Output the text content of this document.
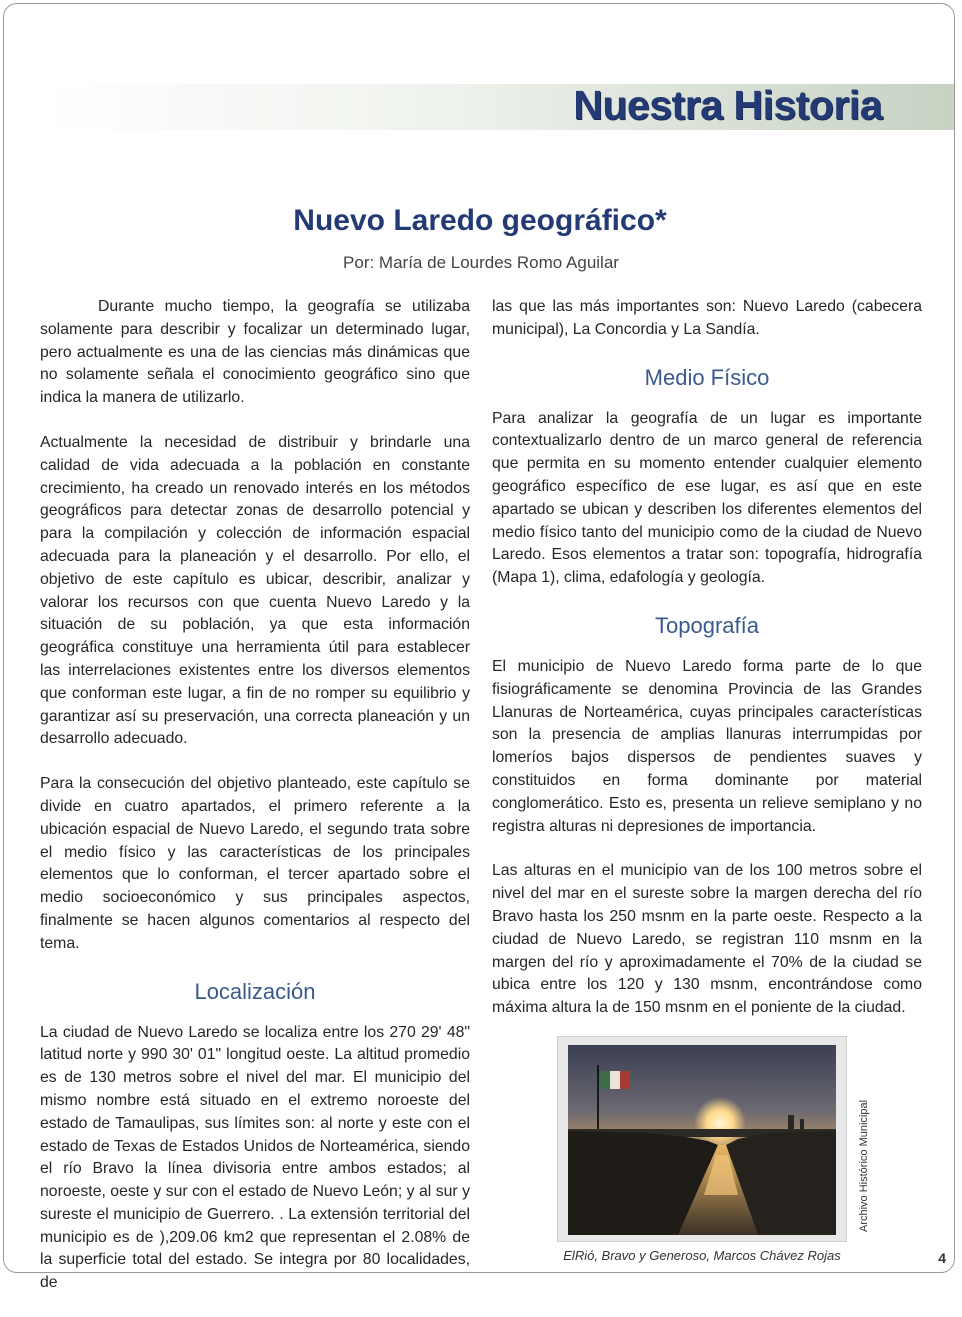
Nuestra Historia
Nuevo Laredo geográfico*
Por: María de Lourdes Romo Aguilar

Durante mucho tiempo, la geografía se utilizaba solamente para describir y focalizar un determinado lugar, pero actualmente es una de las ciencias más dinámicas que no solamente señala el conocimiento geográfico sino que indica la manera de utilizarlo.

Actualmente la necesidad de distribuir y brindarle una calidad de vida adecuada a la población en constante crecimiento, ha creado un renovado interés en los métodos geográficos para detectar zonas de desarrollo potencial y para la compilación y colección de información espacial adecuada para la planeación y el desarrollo. Por ello, el objetivo de este capítulo es ubicar, describir, analizar y valorar los recursos con que cuenta Nuevo Laredo y la situación de su población, ya que esta información geográfica constituye una herramienta útil para establecer las interrelaciones existentes entre los diversos elementos que conforman este lugar, a fin de no romper su equilibrio y garantizar así su preservación, una correcta planeación y un desarrollo adecuado.

Para la consecución del objetivo planteado, este capítulo se divide en cuatro apartados, el primero referente a la ubicación espacial de Nuevo Laredo, el segundo trata sobre el medio físico y las características de los principales elementos que lo conforman, el tercer apartado sobre el medio socioeconómico y sus principales aspectos, finalmente se hacen algunos comentarios al respecto del tema.

Localización

La ciudad de Nuevo Laredo se localiza entre los 270 29' 48" latitud norte y 990 30' 01" longitud oeste. La altitud promedio es de 130 metros sobre el nivel del mar. El municipio del mismo nombre está situado en el extremo noroeste del estado de Tamaulipas, sus límites son: al norte y este con el estado de Texas de Estados Unidos de Norteamérica, siendo el río Bravo la línea divisoria entre ambos estados; al noroeste, oeste y sur con el estado de Nuevo León; y al sur y sureste el municipio de Guerrero. . La extensión territorial del municipio es de ),209.06 km2 que representan el 2.08% de la superficie total del estado. Se integra por 80 localidades, de

las que las más importantes son: Nuevo Laredo (cabecera municipal), La Concordia y La Sandía.

Medio Físico

Para analizar la geografía de un lugar es importante contextualizarlo dentro de un marco general de referencia que permita en su momento entender cualquier elemento geográfico específico de ese lugar, es así que en este apartado se ubican y describen los diferentes elementos del medio físico tanto del municipio como de la ciudad de Nuevo Laredo. Esos elementos a tratar son: topografía, hidrografía (Mapa 1), clima, edafología y geología.

Topografía

El municipio de Nuevo Laredo forma parte de lo que fisiográficamente se denomina Provincia de las Grandes Llanuras de Norteamérica, cuyas principales características son la presencia de amplias llanuras interrumpidas por lomeríos bajos dispersos de pendientes suaves y constituidos en forma dominante por material conglomerático. Esto es, presenta un relieve semiplano y no registra alturas ni depresiones de importancia.

Las alturas en el municipio van de los 100 metros sobre el nivel del mar en el sureste sobre la margen derecha del río Bravo hasta los 250 msnm en la parte oeste. Respecto a la ciudad de Nuevo Laredo, se registran 110 msnm en la margen del río y aproximadamente el 70% de la ciudad se ubica entre los 120 y 130 msnm, encontrándose como máxima altura la de 150 msnm en el poniente de la ciudad.

ElRió, Bravo y Generoso, Marcos Chávez Rojas
Archivo Histórico Municipal
4
